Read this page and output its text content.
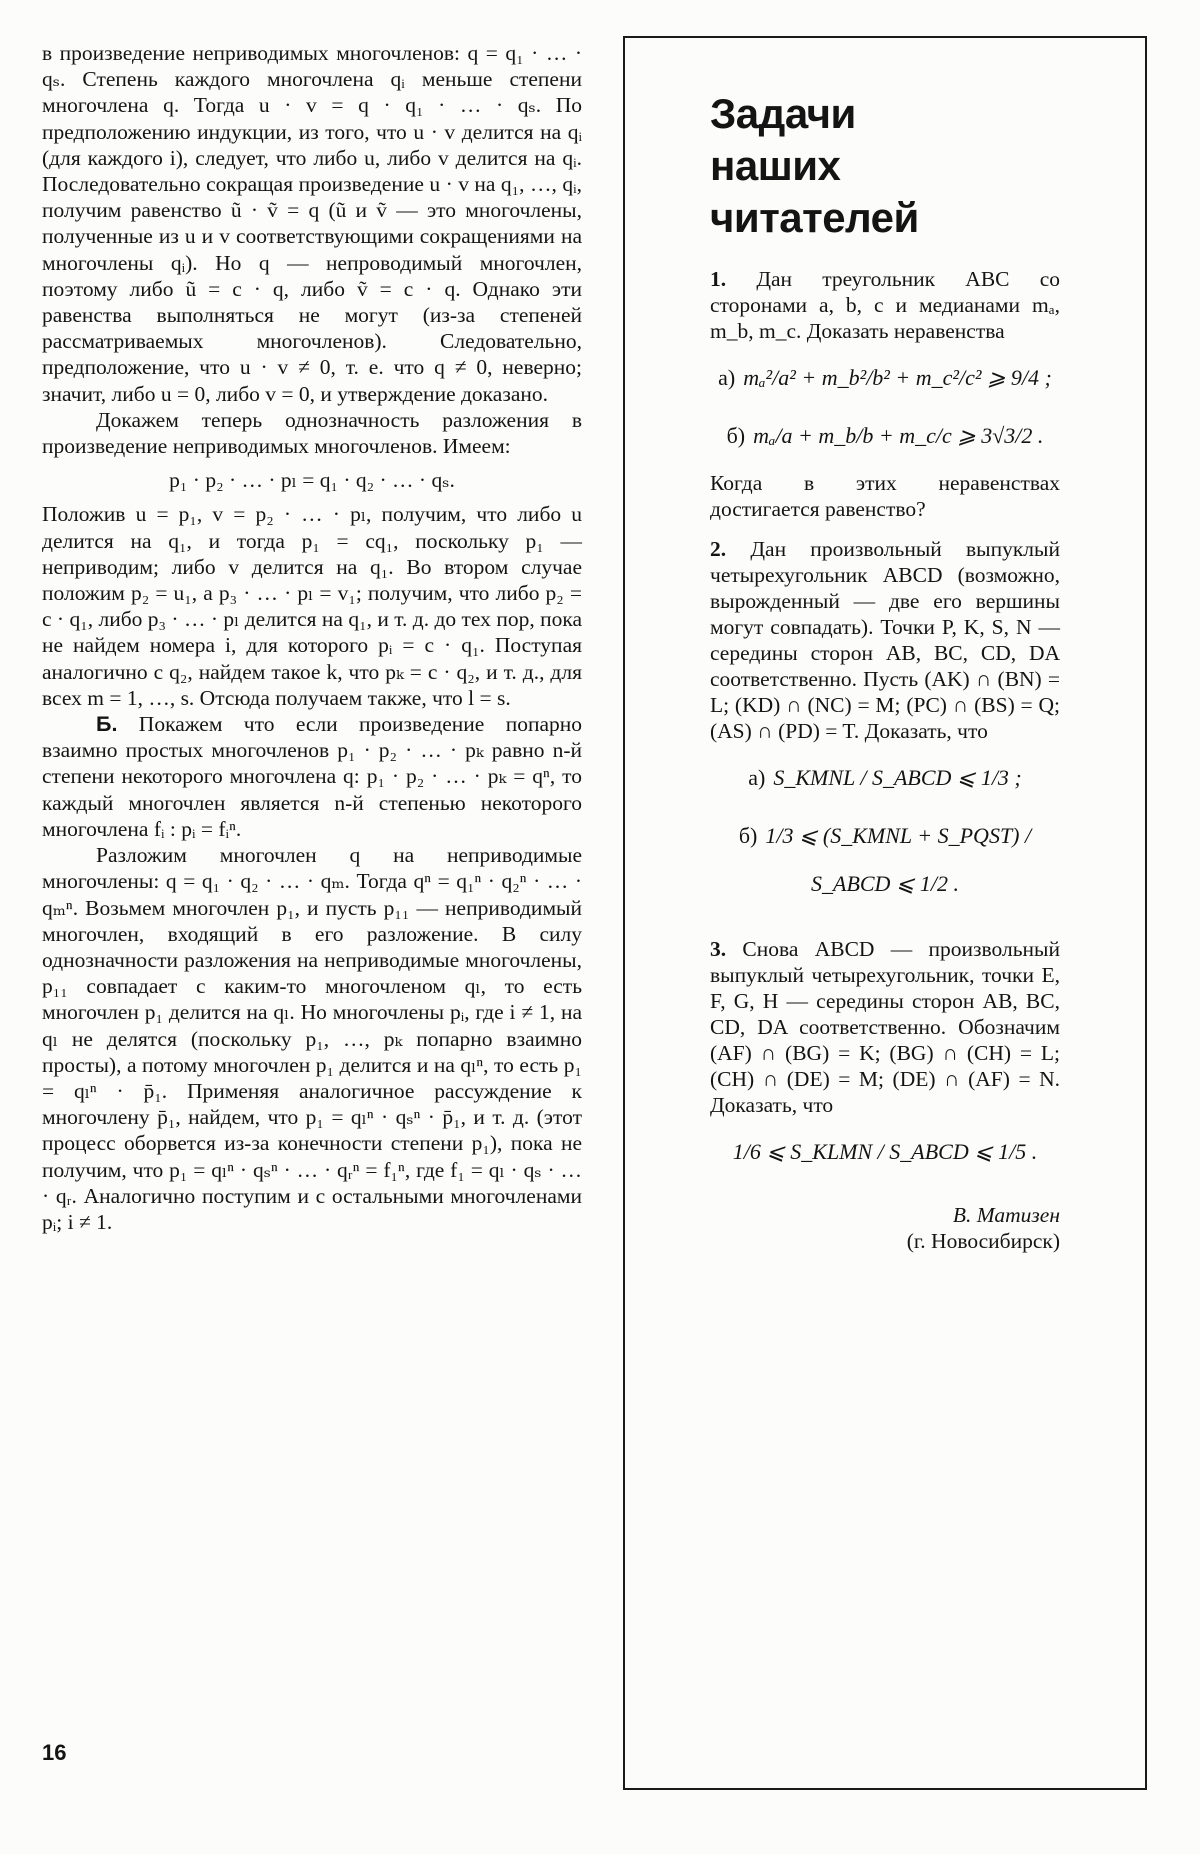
в произведение неприводимых многочленов: q = q₁ · … · qₛ. Степень каждого многочлена qᵢ меньше степени многочлена q. Тогда u · v = q · q₁ · … · qₛ. По предположению индукции, из того, что u · v делится на qᵢ (для каждого i), следует, что либо u, либо v делится на qᵢ. Последовательно сокращая произведение u · v на q₁, …, qᵢ, получим равенство ũ · ṽ = q (ũ и ṽ — это многочлены, полученные из u и v соответствующими сокращениями на многочлены qᵢ). Но q — непроводимый многочлен, поэтому либо ũ = c · q, либо ṽ = c · q. Однако эти равенства выполняться не могут (из-за степеней рассматриваемых многочленов). Следовательно, предположение, что u · v ≠ 0, т. е. что q ≠ 0, неверно; значит, либо u = 0, либо v = 0, и утверждение доказано.

Докажем теперь однозначность разложения в произведение неприводимых многочленов. Имеем:

p₁ · p₂ · … · pₗ = q₁ · q₂ · … · qₛ.

Положив u = p₁, v = p₂ · … · pₗ, получим, что либо u делится на q₁, и тогда p₁ = cq₁, поскольку p₁ — неприводим; либо v делится на q₁. Во втором случае положим p₂ = u₁, а p₃ · … · pₗ = v₁; получим, что либо p₂ = c · q₁, либо p₃ · … · pₗ делится на q₁, и т. д. до тех пор, пока не найдем номера i, для которого pᵢ = c · q₁. Поступая аналогично с q₂, найдем такое k, что pₖ = c · q₂, и т. д., для всех m = 1, …, s. Отсюда получаем также, что l = s.

Б. Покажем что если произведение попарно взаимно простых многочленов p₁ · p₂ · … · pₖ равно n-й степени некоторого многочлена q: p₁ · p₂ · … · pₖ = qⁿ, то каждый многочлен является n-й степенью некоторого многочлена fᵢ : pᵢ = fᵢⁿ.

Разложим многочлен q на неприводимые многочлены: q = q₁ · q₂ · … · qₘ. Тогда qⁿ = q₁ⁿ · q₂ⁿ · … · qₘⁿ. Возьмем многочлен p₁, и пусть p₁₁ — неприводимый многочлен, входящий в его разложение. В силу однозначности разложения на неприводимые многочлены, p₁₁ совпадает с каким-то многочленом qₗ, то есть многочлен p₁ делится на qₗ. Но многочлены pᵢ, где i ≠ 1, на qₗ не делятся (поскольку p₁, …, pₖ попарно взаимно просты), а потому многочлен p₁ делится и на qₗⁿ, то есть p₁ = qₗⁿ · p̄₁. Применяя аналогичное рассуждение к многочлену p̄₁, найдем, что p₁ = qₗⁿ · qₛⁿ · p̄₁, и т. д. (этот процесс оборвется из-за конечности степени p₁), пока не получим, что p₁ = qₗⁿ · qₛⁿ · … · qᵣⁿ = f₁ⁿ, где f₁ = qₗ · qₛ · … · qᵣ. Аналогично поступим и с остальными многочленами pᵢ; i ≠ 1.

16
Задачи
наших
читателей

1. Дан треугольник ABC со сторонами a, b, c и медианами mₐ, m_b, m_c. Доказать неравенства

а) mₐ²/a² + m_b²/b² + m_c²/c² ⩾ 9/4 ;
б) mₐ/a + m_b/b + m_c/c ⩾ 3√3/2 .

Когда в этих неравенствах достигается равенство?

2. Дан произвольный выпуклый четырехугольник ABCD (возможно, вырожденный — две его вершины могут совпадать). Точки P, K, S, N — середины сторон AB, BC, CD, DA соответственно. Пусть (AK) ∩ (BN) = L; (KD) ∩ (NC) = M; (PC) ∩ (BS) = Q; (AS) ∩ (PD) = T. Доказать, что

а) S_KMNL / S_ABCD ⩽ 1/3 ;
б) 1/3 ⩽ (S_KMNL + S_PQST) / S_ABCD ⩽ 1/2 .

3. Снова ABCD — произвольный выпуклый четырехугольник, точки E, F, G, H — середины сторон AB, BC, CD, DA соответственно. Обозначим (AF) ∩ (BG) = K; (BG) ∩ (CH) = L; (CH) ∩ (DE) = M; (DE) ∩ (AF) = N. Доказать, что

1/6 ⩽ S_KLMN / S_ABCD ⩽ 1/5 .
В. Матизен
(г. Новосибирск)
